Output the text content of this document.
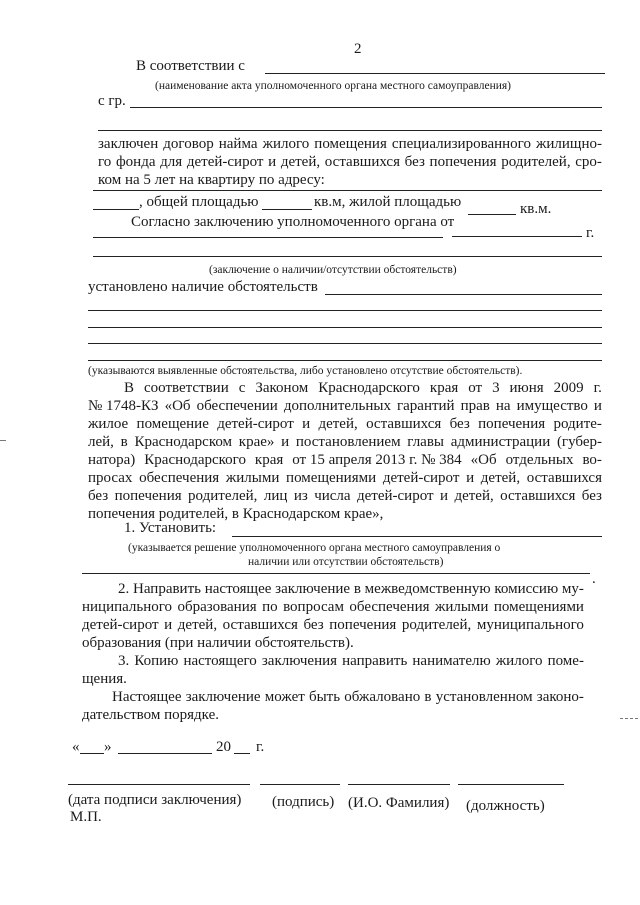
2
В соответствии с
(наименование акта уполномоченного органа местного самоуправления)
с гр.
заключен договор найма жилого помещения специализированного жилищно-
го фонда для детей-сирот и детей, оставшихся без попечения родителей, сро-
ком на 5 лет на квартиру по адресу:
, общей площадью	кв.м, жилой площадью	кв.м.
Согласно заключению уполномоченного органа от
г.
(заключение о наличии/отсутствии обстоятельств)
установлено наличие обстоятельств
(указываются выявленные обстоятельства, либо установлено отсутствие обстоятельств).
В соответствии с Законом Краснодарского края от 3 июня 2009 г.
№ 1748-КЗ «Об обеспечении дополнительных гарантий прав на имущество и
жилое помещение детей-сирот и детей, оставшихся без попечения родите-
лей, в Краснодарском крае» и постановлением главы администрации (губер-
натора) Краснодарского края от 15 апреля 2013 г. № 384 «Об отдельных во-
просах обеспечения жилыми помещениями детей-сирот и детей, оставшихся
без попечения родителей, лиц из числа детей-сирот и детей, оставшихся без
попечения родителей, в Краснодарском крае»,
1. Установить:
(указывается решение уполномоченного органа местного самоуправления о
наличии или отсутствии обстоятельств)
.
2. Направить настоящее заключение в межведомственную комиссию му-
ниципального образования по вопросам обеспечения жилыми помещениями
детей-сирот и детей, оставшихся без попечения родителей, муниципального
образования (при наличии обстоятельств).
3. Копию настоящего заключения направить нанимателю жилого поме-
щения.
Настоящее заключение может быть обжаловано в установленном законо-
дательством порядке.
« »	20 г.
(дата подписи заключения) (подпись) (И.О. Фамилия) (должность)
М.П.
